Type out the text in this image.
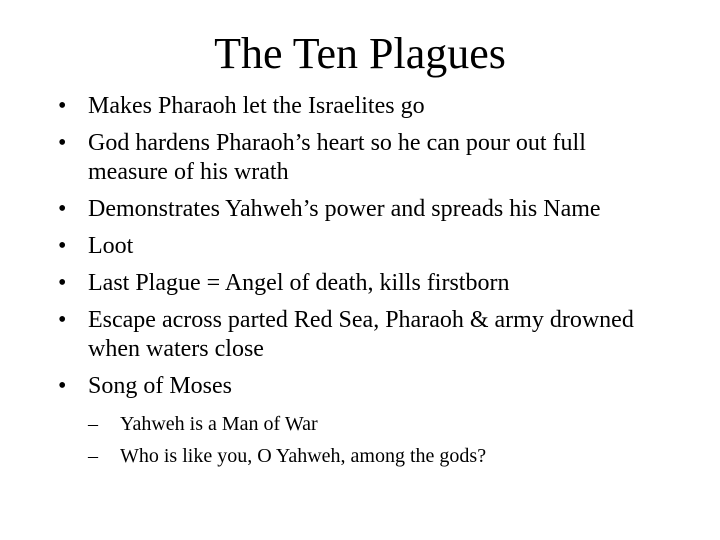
The Ten Plagues
• Makes Pharaoh let the Israelites go
• God hardens Pharaoh’s heart so he can pour out full measure of his wrath
• Demonstrates Yahweh’s power and spreads his Name
• Loot
• Last Plague = Angel of death, kills firstborn
• Escape across parted Red Sea, Pharaoh & army drowned when waters close
• Song of Moses
–	Yahweh is a Man of War
–	Who is like you, O Yahweh, among the gods?
